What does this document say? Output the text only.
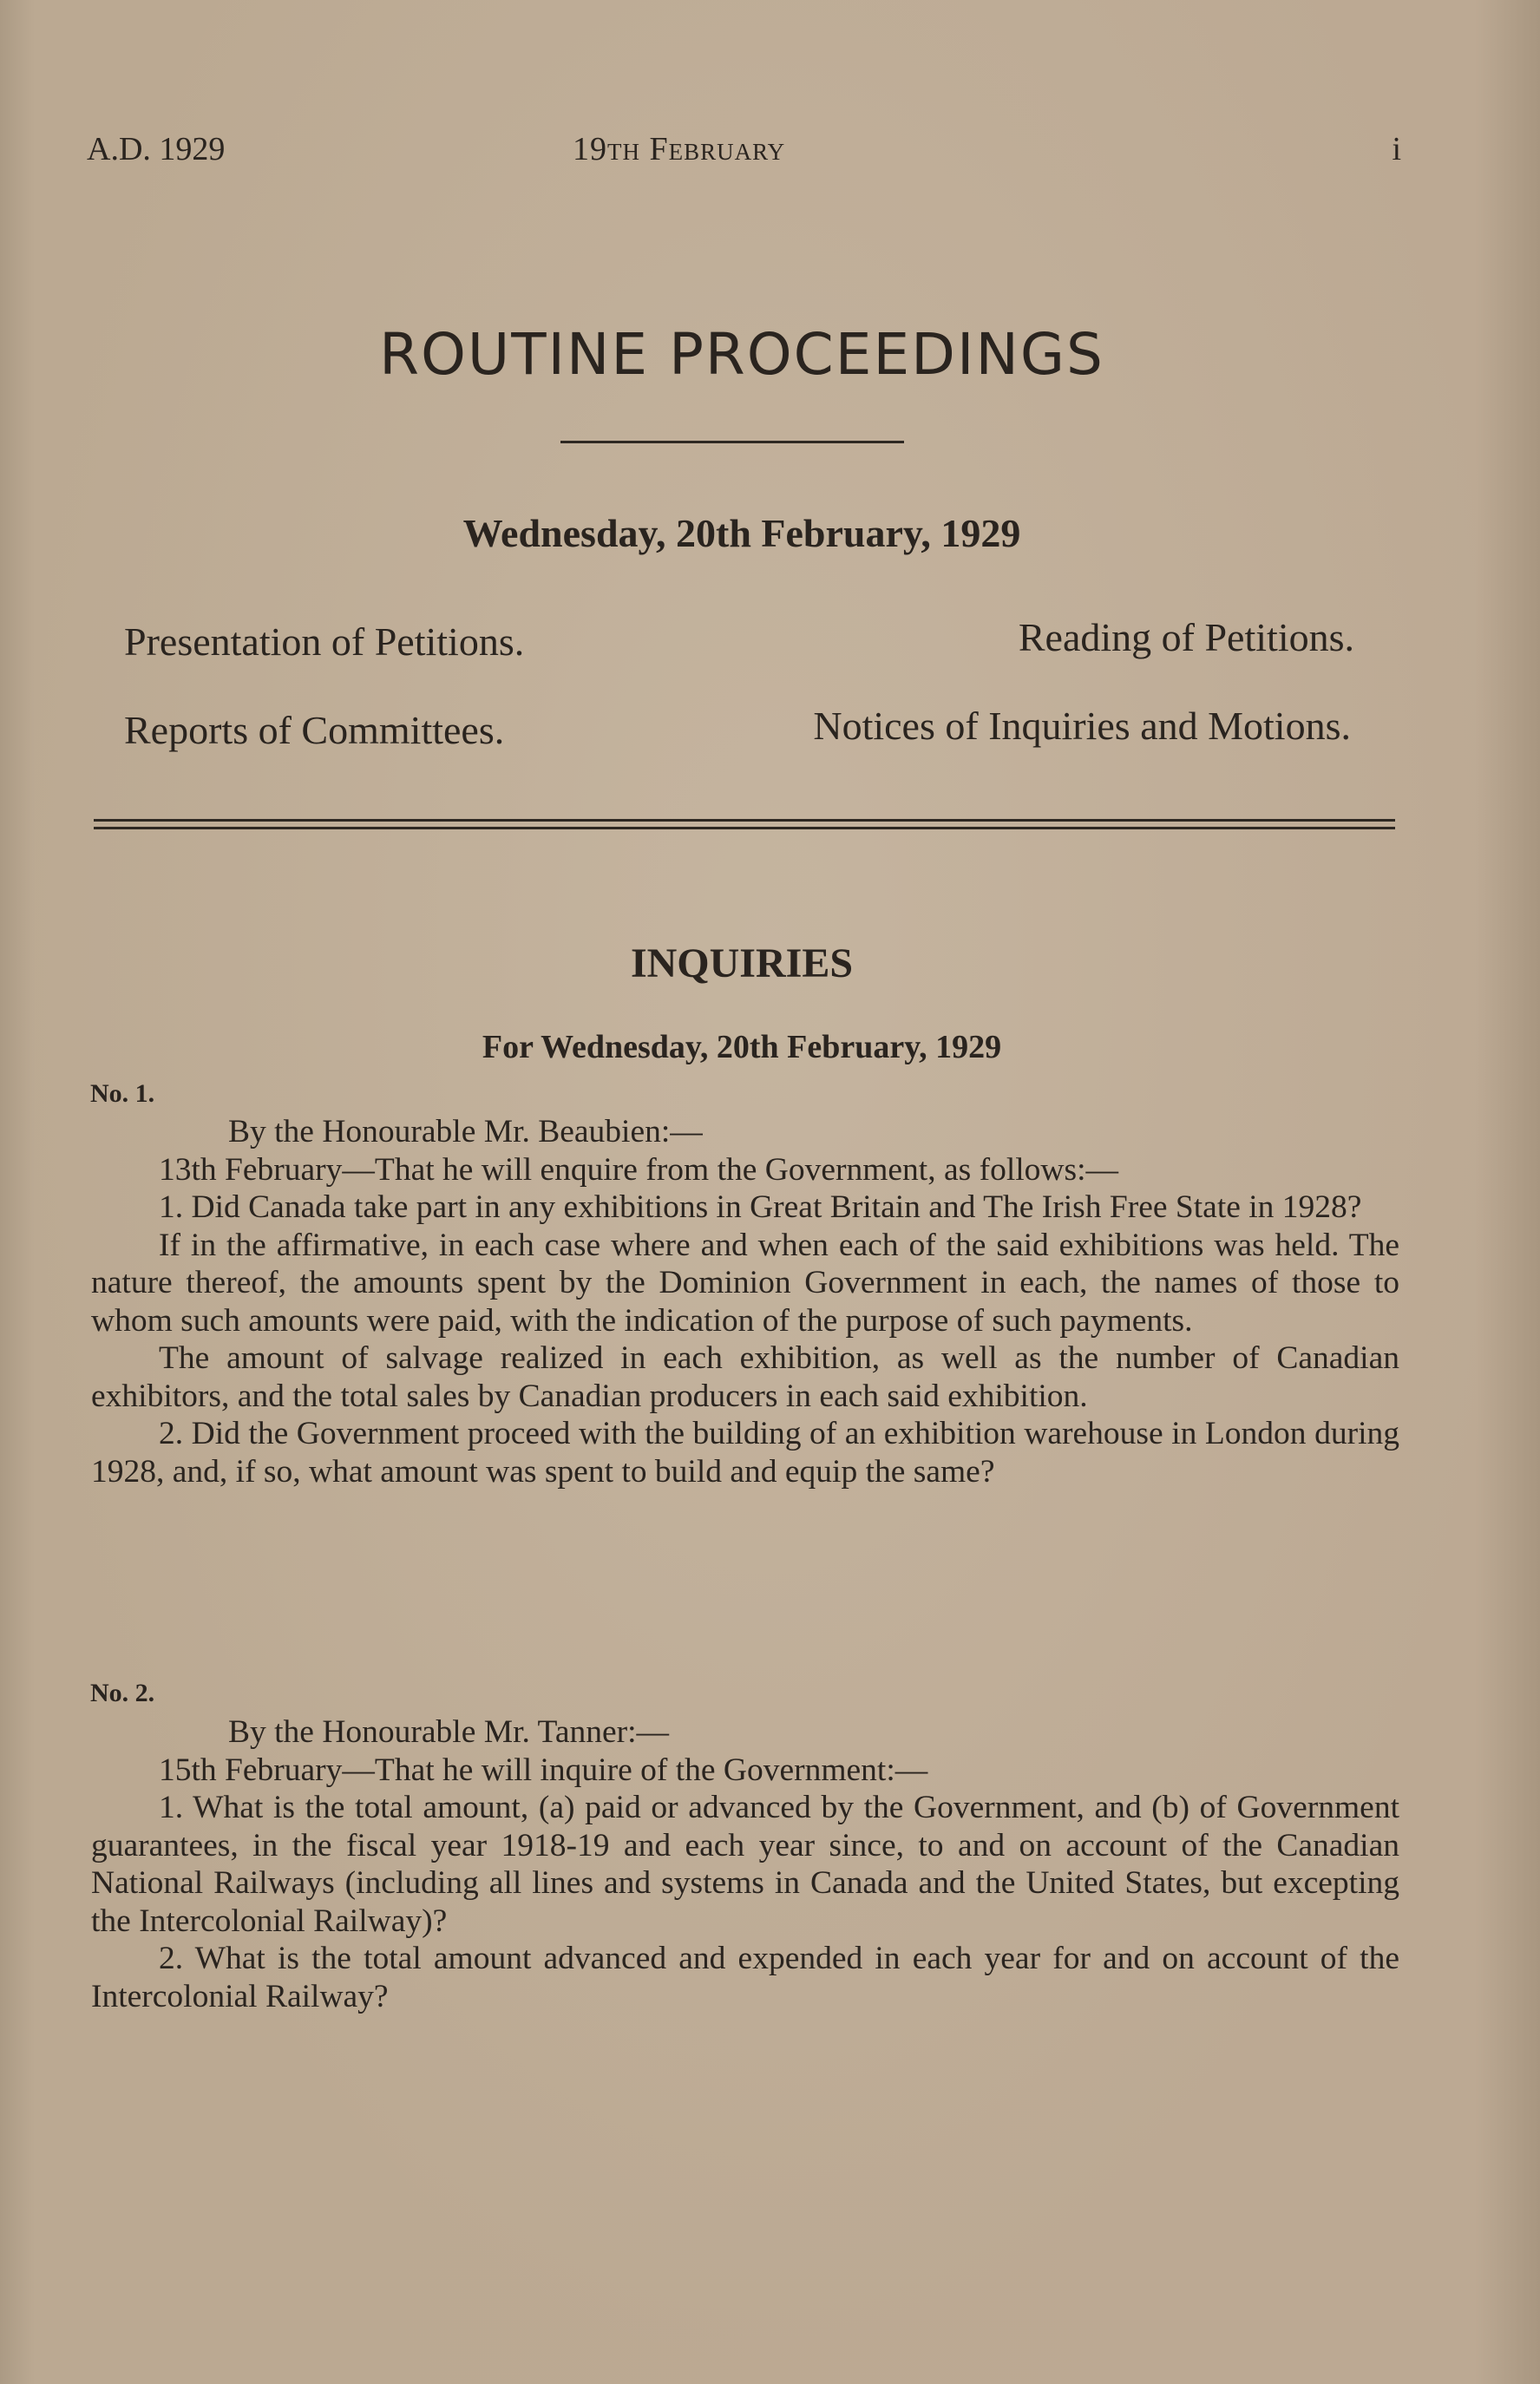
A.D. 1929	19th February	i
ROUTINE PROCEEDINGS
Wednesday, 20th February, 1929
Presentation of Petitions.	Reading of Petitions.
Reports of Committees.	Notices of Inquiries and Motions.
INQUIRIES
For Wednesday, 20th February, 1929
No. 1.

By the Honourable Mr. Beaubien:—

13th February—That he will enquire from the Government, as follows:—

1. Did Canada take part in any exhibitions in Great Britain and The Irish Free State in 1928?

If in the affirmative, in each case where and when each of the said exhibitions was held. The nature thereof, the amounts spent by the Dominion Government in each, the names of those to whom such amounts were paid, with the indication of the purpose of such payments.

The amount of salvage realized in each exhibition, as well as the number of Canadian exhibitors, and the total sales by Canadian producers in each said exhibition.

2. Did the Government proceed with the building of an exhibition warehouse in London during 1928, and, if so, what amount was spent to build and equip the same?

No. 2.

By the Honourable Mr. Tanner:—

15th February—That he will inquire of the Government:—

1. What is the total amount, (a) paid or advanced by the Government, and (b) of Government guarantees, in the fiscal year 1918-19 and each year since, to and on account of the Canadian National Railways (including all lines and systems in Canada and the United States, but excepting the Intercolonial Railway)?

2. What is the total amount advanced and expended in each year for and on account of the Intercolonial Railway?
